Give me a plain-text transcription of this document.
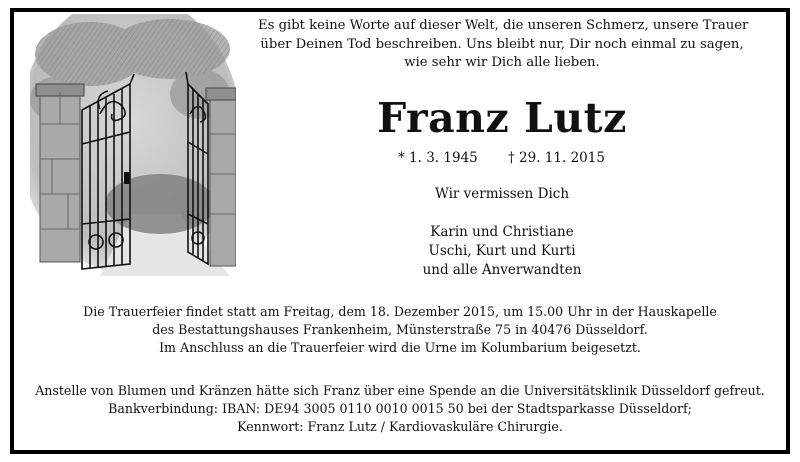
Es gibt keine Worte auf dieser Welt, die unseren Schmerz, unsere Trauer
über Deinen Tod beschreiben. Uns bleibt nur, Dir noch einmal zu sagen,
wie sehr wir Dich alle lieben.
Franz Lutz
* 1. 3. 1945 † 29. 11. 2015
Wir vermissen Dich
Karin und Christiane
Uschi, Kurt und Kurti
und alle Anverwandten
Die Trauerfeier findet statt am Freitag, dem 18. Dezember 2015, um 15.00 Uhr in der Hauskapelle
des Bestattungshauses Frankenheim, Münsterstraße 75 in 40476 Düsseldorf.
Im Anschluss an die Trauerfeier wird die Urne im Kolumbarium beigesetzt.
Anstelle von Blumen und Kränzen hätte sich Franz über eine Spende an die Universitätsklinik Düsseldorf gefreut.
Bankverbindung: IBAN: DE94 3005 0110 0010 0015 50 bei der Stadtsparkasse Düsseldorf;
Kennwort: Franz Lutz / Kardiovaskuläre Chirurgie.
